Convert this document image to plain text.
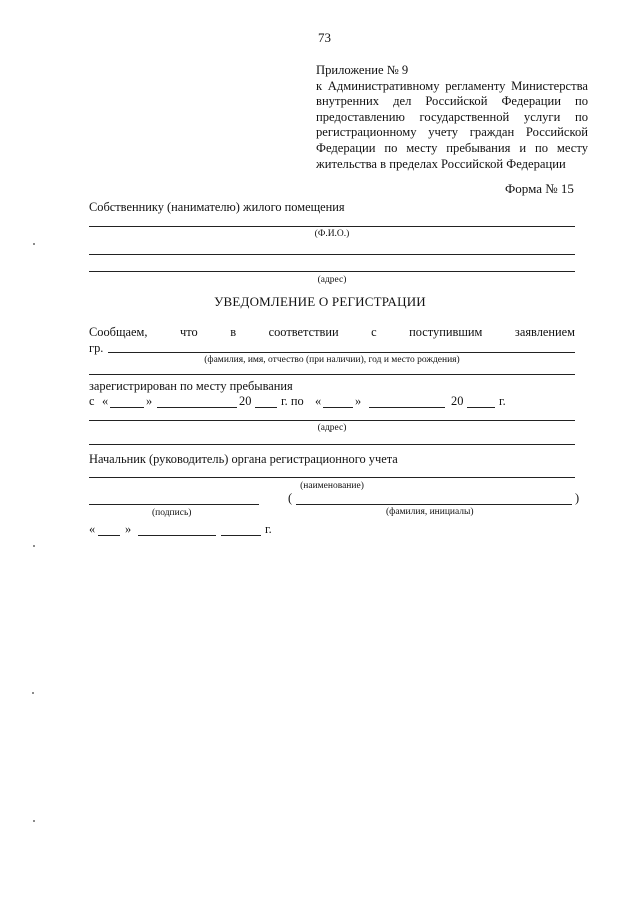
73
Приложение № 9
к Административному регламенту Министерства
внутренних дел Российской Федерации по
предоставлению государственной услуги по
регистрационному учету граждан Российской
Федерации по месту пребывания и по месту
жительства в пределах Российской Федерации
Форма № 15
Собственнику (нанимателю) жилого помещения
(Ф.И.О.)
(адрес)
УВЕДОМЛЕНИЕ О РЕГИСТРАЦИИ
Сообщаем,	что	в	соответствии	с	поступившим	заявлением
гр.
(фамилия, имя, отчество (при наличии), год и место рождения)
зарегистрирован по месту пребывания
с «	»	20 г. по «	»	20	г.
(адрес)
Начальник (руководитель) органа регистрационного учета
(наименование)
(	)
(подпись)	(фамилия, инициалы)
« »	г.
